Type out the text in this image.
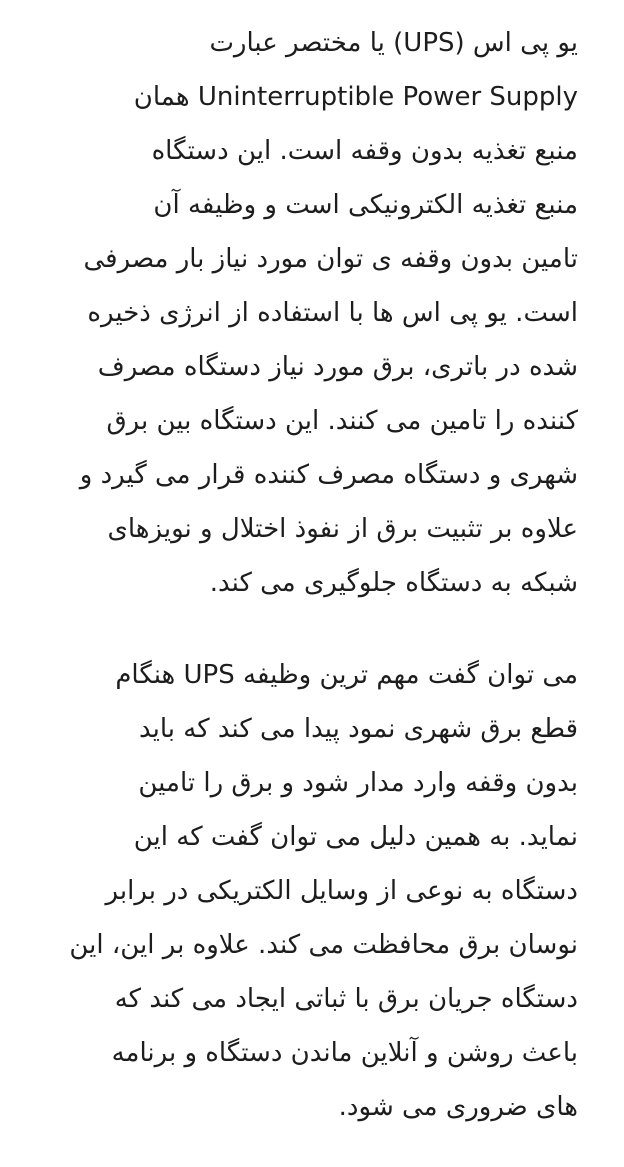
یو پی اس (UPS) یا مختصر عبارت
Uninterruptible Power Supply همان
منبع تغذیه بدون وقفه است. این دستگاه
منبع تغذیه الکترونیکی است و وظیفه آن
تامین بدون وقفه ی توان مورد نیاز بار مصرفی
است. یو پی اس ها با استفاده از انرژی ذخیره
شده در باتری، برق مورد نیاز دستگاه مصرف
کننده را تامین می کنند. این دستگاه بین برق
شهری و دستگاه مصرف کننده قرار می گیرد و
علاوه بر تثبیت برق از نفوذ اختلال و نویزهای
شبکه به دستگاه جلوگیری می کند.

می توان گفت مهم ترین وظیفه UPS هنگام
قطع برق شهری نمود پیدا می کند که باید
بدون وقفه وارد مدار شود و برق را تامین
نماید. به همین دلیل می توان گفت که این
دستگاه به نوعی از وسایل الکتریکی در برابر
نوسان برق محافظت می کند. علاوه بر این، این
دستگاه جریان برق با ثباتی ایجاد می کند که
باعث روشن و آنلاین ماندن دستگاه و برنامه
های ضروری می شود.
